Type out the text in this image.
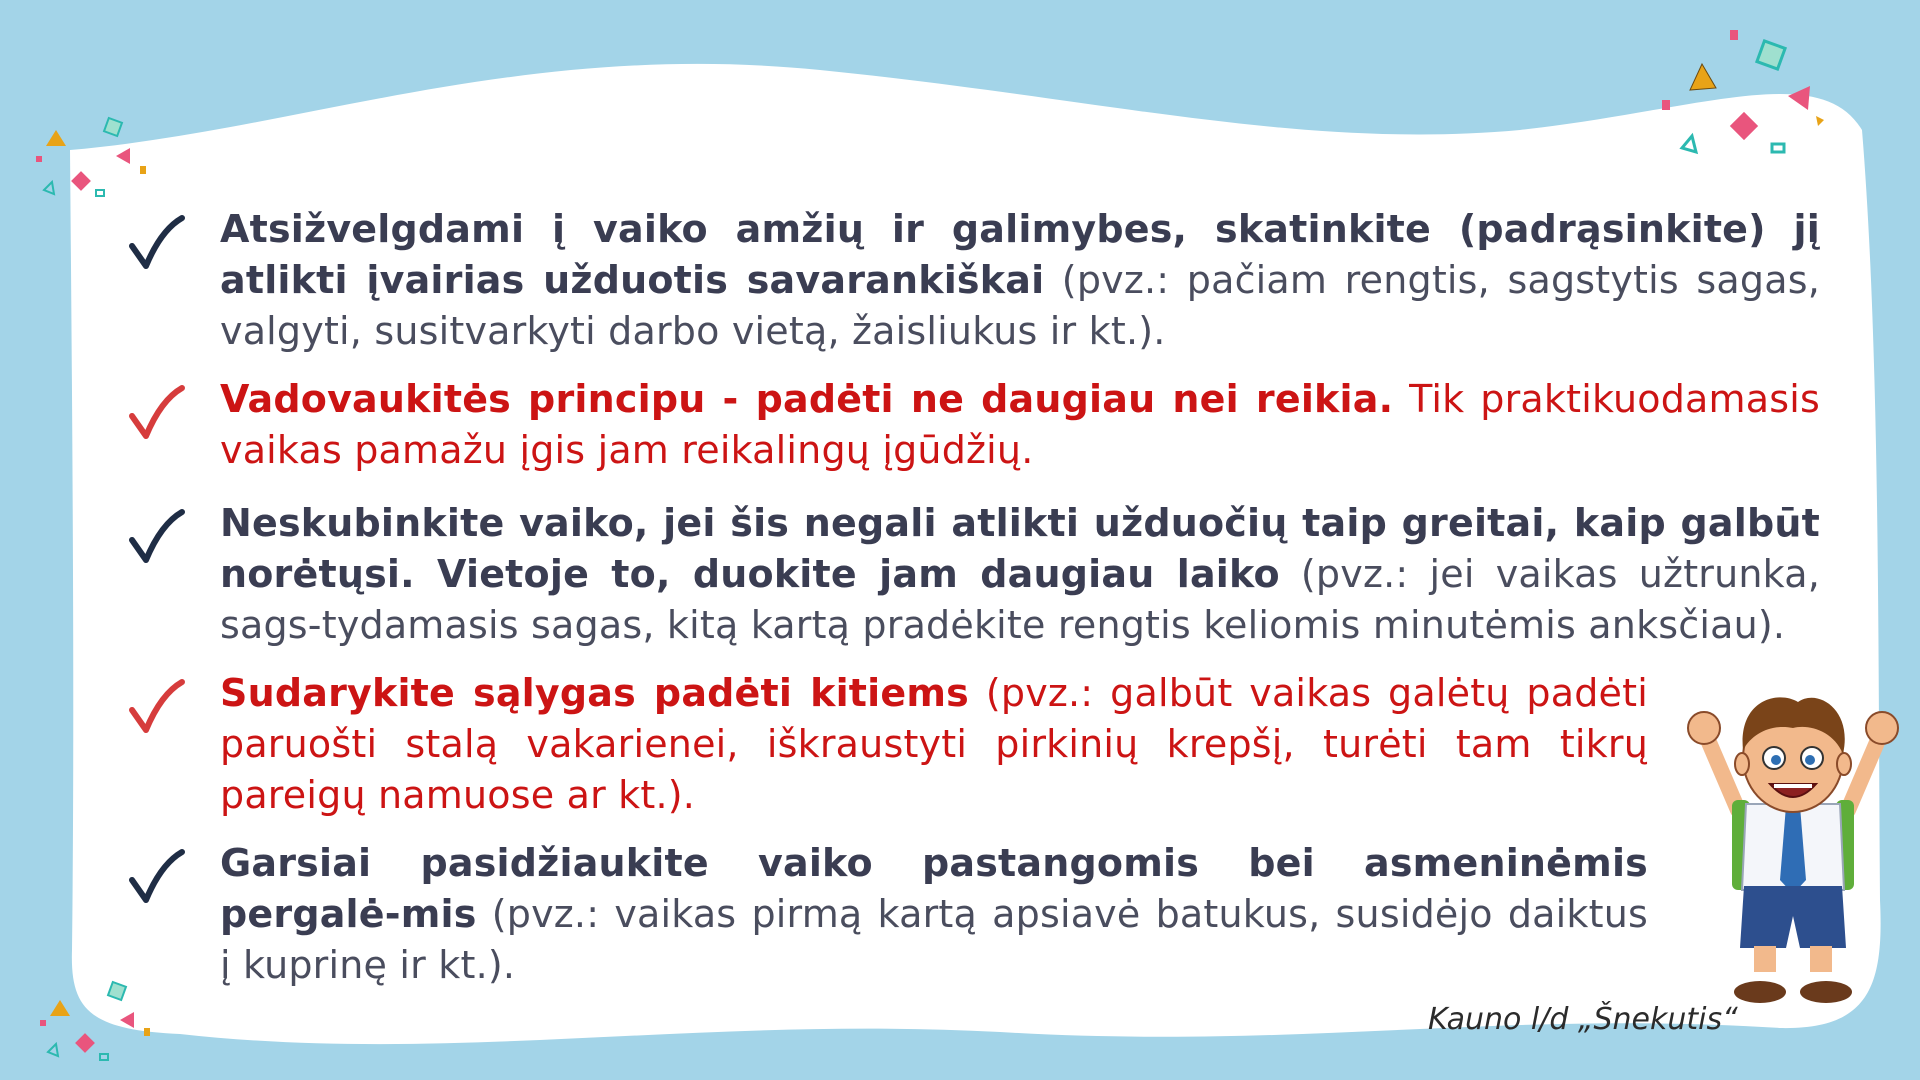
Atsižvelgdami į vaiko amžių ir galimybes, skatinkite (padrąsinkite) jį atlikti įvairias užduotis savarankiškai (pvz.: pačiam rengtis, sagstytis sagas, valgyti, susitvarkyti darbo vietą, žaisliukus ir kt.).

Vadovaukitės principu - padėti ne daugiau nei reikia. Tik praktikuodamasis vaikas pamažu įgis jam reikalingų įgūdžių.

Neskubinkite vaiko, jei šis negali atlikti užduočių taip greitai, kaip galbūt norėtųsi. Vietoje to, duokite jam daugiau laiko (pvz.: jei vaikas užtrunka, sags-tydamasis sagas, kitą kartą pradėkite rengtis keliomis minutėmis anksčiau).

Sudarykite sąlygas padėti kitiems (pvz.: galbūt vaikas galėtų padėti paruošti stalą vakarienei, iškraustyti pirkinių krepšį, turėti tam tikrų pareigų namuose ar kt.).

Garsiai pasidžiaukite vaiko pastangomis bei asmeninėmis pergalė-mis (pvz.: vaikas pirmą kartą apsiavė batukus, susidėjo daiktus į kuprinę ir kt.).

Kauno l/d „Šnekutis“
